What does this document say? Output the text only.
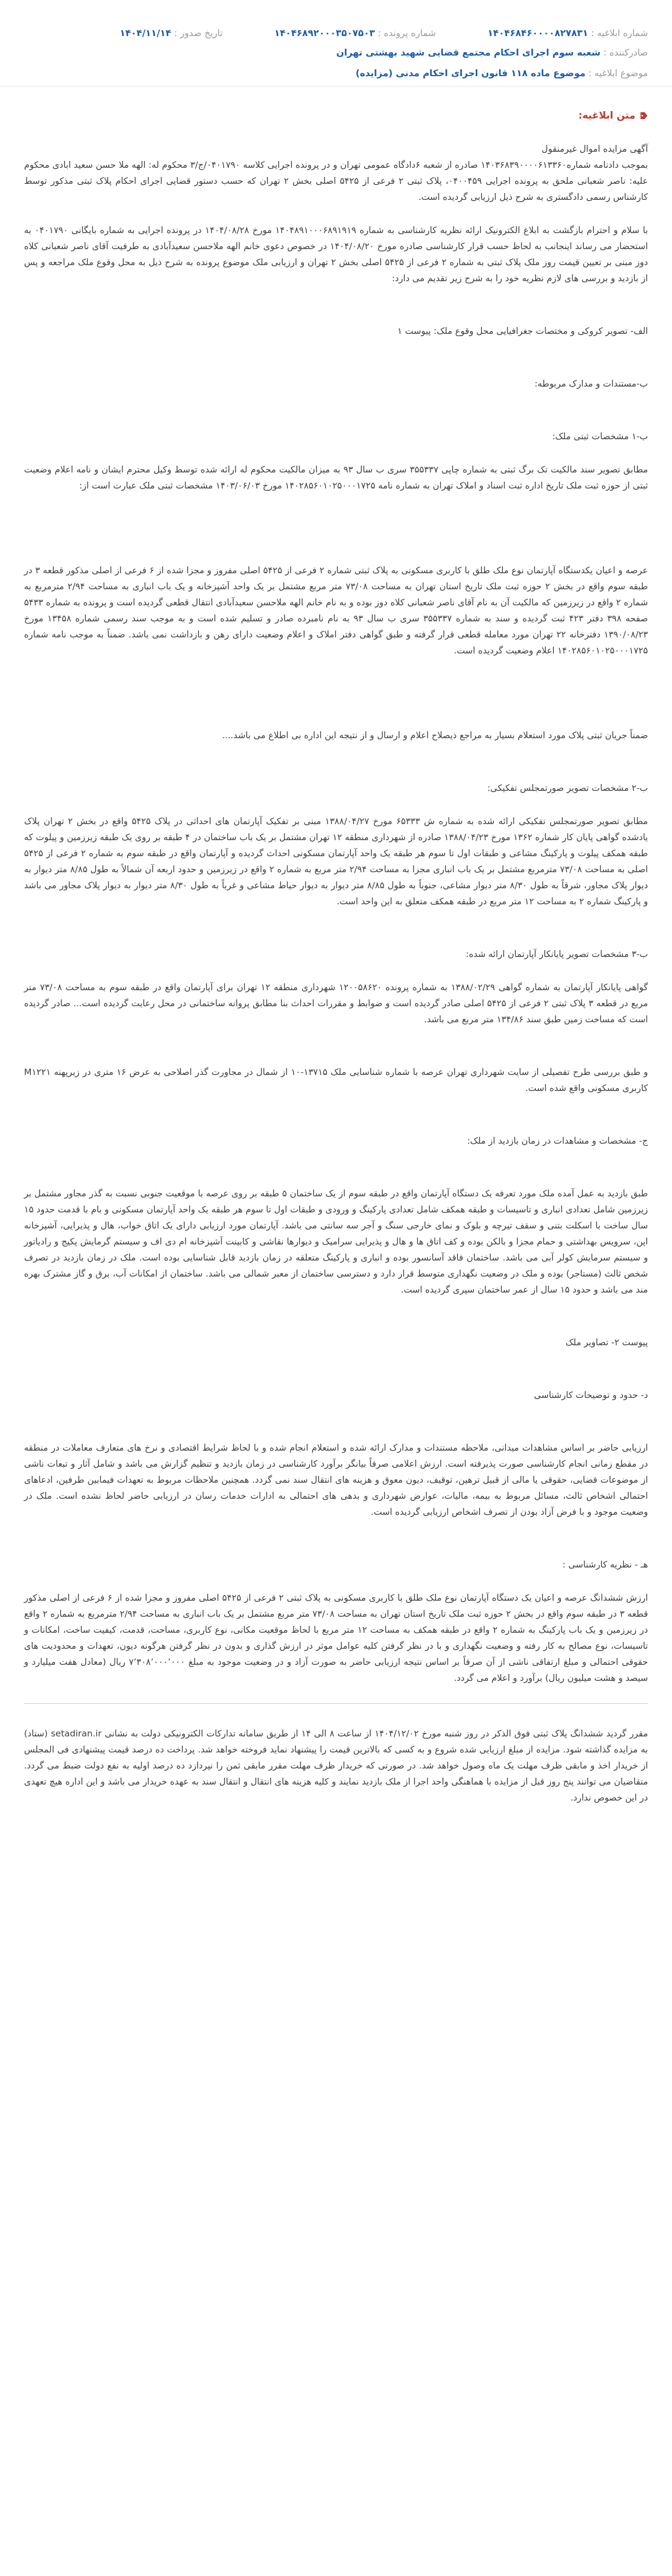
شماره ابلاغیه : ۱۴۰۴۶۸۴۶۰۰۰۰۸۲۷۸۳۱  شماره پرونده : ۱۴۰۴۶۸۹۲۰۰۰۳۵۰۷۵۰۳  تاریخ صدور : ۱۴۰۴/۱۱/۱۴
صادرکننده : شعبه سوم اجرای احکام مجتمع قضایی شهید بهشتی تهران
موضوع ابلاغیه : موضوع ماده ۱۱۸ قانون اجرای احکام مدنی (مزایده)
متن ابلاغیه:

آگهی مزایده اموال غیرمنقول

بموجب دادنامه شماره۱۴۰۳۶۸۳۹۰۰۰۰۶۱۳۳۶۰ صادره از شعبه ۶دادگاه عمومی تهران و در پرونده اجرایی کلاسه ۰۴۰۱۷۹۰/ج/۳ محکوم له: الهه ملا حسن سعید ابادی محکوم علیه: ناصر شعبانی ملحق به پرونده اجرایی ۰۴۰۰۴۵۹، پلاک ثبتی ۲ فرعی از ۵۴۲۵ اصلی بخش ۲ تهران که حسب دستور قضایی اجرای احکام پلاک ثبتی مذکور توسط کارشناس رسمی دادگستری به شرح ذیل ارزیابی گردیده است.

با سلام و احترام بازگشت به ابلاغ الکترونیک ارائه نظریه کارشناسی به شماره ۱۴۰۴۸۹۱۰۰۰۶۸۹۱۹۱۹ مورخ ۱۴۰۴/۰۸/۲۸ در پرونده اجرایی به شماره بایگانی ۰۴۰۱۷۹۰ به استحضار می رساند اینجانب به لحاظ حسب قرار کارشناسی صادره مورخ ۱۴۰۴/۰۸/۲۰ در خصوص دعوی خانم الهه ملاحسن سعیدآبادی به طرفیت آقای ناصر شعبانی کلاه دوز مبنی بر تعیین قیمت روز ملک پلاک ثبتی به شماره ۲ فرعی از ۵۴۲۵ اصلی بخش ۲ تهران و ارزیابی ملک موضوع پرونده به شرح ذیل به محل وقوع ملک مراجعه و پس از بازدید و بررسی های لازم نظریه خود را به شرح زیر تقدیم می دارد:

الف- تصویر کروکی و مختصات جغرافیایی محل وقوع ملک: پیوست ۱

ب-مستندات و مدارک مربوطه:

ب-۱ مشخصات ثبتی ملک:

مطابق تصویر سند مالکیت تک برگ ثبتی به شماره چاپی ۳۵۵۳۳۷ سری ب سال ۹۳ به میزان مالکیت محکوم له ارائه شده توسط وکیل محترم ایشان و نامه اعلام وضعیت ثبتی از حوزه ثبت ملک تاریخ اداره ثبت اسناد و املاک تهران به شماره نامه ۱۴۰۲۸۵۶۰۱۰۲۵۰۰۰۱۷۲۵ مورخ ۱۴۰۳/۰۶/۰۳ مشخصات ثبتی ملک عبارت است از:

عرصه و اعیان یکدستگاه آپارتمان نوع ملک طلق با کاربری مسکونی به پلاک ثبتی شماره ۲ فرعی از ۵۴۲۵ اصلی مفروز و مجزا شده از ۶ فرعی از اصلی مذکور قطعه ۳ در طبقه سوم واقع در بخش ۲ حوزه ثبت ملک تاریخ استان تهران به مساحت ۷۳/۰۸ متر مربع مشتمل بر یک واحد آشپزخانه و یک باب انباری به مساحت ۲/۹۴ مترمربع به شماره ۲ واقع در زیرزمین که مالکیت آن به نام آقای ناصر شعبانی کلاه دوز بوده و به نام خانم الهه ملاحسن سعیدآبادی انتقال قطعی گردیده است و پرونده به شماره ۵۴۳۳ صفحه ۳۹۸ دفتر ۴۲۳ ثبت گردیده و سند به شماره ۳۵۵۳۳۷ سری ب سال ۹۳ به نام نامبرده صادر و تسلیم شده است و به موجب سند رسمی شماره ۱۳۴۵۸ مورخ ۱۳۹۰/۰۸/۲۳ دفترخانه ۲۲ تهران مورد معامله قطعی قرار گرفته و طبق گواهی دفتر املاک و اعلام وضعیت دارای رهن و بازداشت نمی باشد. ضمناً به موجب نامه شماره ۱۴۰۲۸۵۶۰۱۰۲۵۰۰۰۱۷۲۵ اعلام وضعیت گردیده است.

ضمناً جریان ثبتی پلاک مورد استعلام بسیار به مراجع ذیصلاح اعلام و ارسال و از نتیجه این اداره بی اطلاع می باشد....

ب-۲ مشخصات تصویر صورتمجلس تفکیکی:

مطابق تصویر صورتمجلس تفکیکی ارائه شده به شماره ش ۶۵۳۳۳ مورخ ۱۳۸۸/۰۴/۲۷ مبنی بر تفکیک آپارتمان های احداثی در پلاک ۵۴۲۵ واقع در بخش ۲ تهران پلاک یادشده گواهی پایان کار شماره ۱۳۶۲ مورخ ۱۳۸۸/۰۴/۲۳ صادره از شهرداری منطقه ۱۲ تهران مشتمل بر یک باب ساختمان در ۴ طبقه بر روی یک طبقه زیرزمین و پیلوت که طبقه همکف پیلوت و پارکینگ مشاعی و طبقات اول تا سوم هر طبقه یک واحد آپارتمان مسکونی احداث گردیده و آپارتمان واقع در طبقه سوم به شماره ۲ فرعی از ۵۴۲۵ اصلی به مساحت ۷۳/۰۸ مترمربع مشتمل بر یک باب انباری مجزا به مساحت ۲/۹۴ متر مربع به شماره ۲ واقع در زیرزمین و حدود اربعه آن شمالاً به طول ۸/۸۵ متر دیوار به دیوار پلاک مجاور، شرقاً به طول ۸/۳۰ متر دیوار مشاعی، جنوباً به طول ۸/۸۵ متر دیوار به دیوار حیاط مشاعی و غرباً به طول ۸/۳۰ متر دیوار به دیوار پلاک مجاور می باشد و پارکینگ شماره ۲ به مساحت ۱۲ متر مربع در طبقه همکف متعلق به این واحد است.

ب-۳ مشخصات تصویر پایانکار آپارتمان ارائه شده:

گواهی پایانکار آپارتمان به شماره گواهی ۱۳۸۸/۰۲/۲۹ به شماره پرونده ۱۲۰۰۵۸۶۲۰ شهرداری منطقه ۱۲ تهران برای آپارتمان واقع در طبقه سوم به مساحت ۷۳/۰۸ متر مربع در قطعه ۳ پلاک ثبتی ۲ فرعی از ۵۴۲۵ اصلی صادر گردیده است و ضوابط و مقررات احداث بنا مطابق پروانه ساختمانی در محل رعایت گردیده است... صادر گردیده است که مساحت زمین طبق سند ۱۳۴/۸۶ متر مربع می باشد.

و طبق بررسی طرح تفصیلی از سایت شهرداری تهران عرصه با شماره شناسایی ملک ۱۳۷۱۵-۱۰ از شمال در مجاورت گذر اصلاحی به عرض ۱۶ متری در زیرپهنه M۱۲۲۱ کاربری مسکونی واقع شده است.

ج- مشخصات و مشاهدات در زمان بازدید از ملک:

طبق بازدید به عمل آمده ملک مورد تعرفه یک دستگاه آپارتمان واقع در طبقه سوم از یک ساختمان ۵ طبقه بر روی عرصه با موقعیت جنوبی نسبت به گذر مجاور مشتمل بر زیرزمین شامل تعدادی انباری و تاسیسات و طبقه همکف شامل تعدادی پارکینگ و ورودی و طبقات اول تا سوم هر طبقه یک واحد آپارتمان مسکونی و بام با قدمت حدود ۱۵ سال ساخت با اسکلت بتنی و سقف تیرچه و بلوک و نمای خارجی سنگ و آجر سه سانتی می باشد. آپارتمان مورد ارزیابی دارای یک اتاق خواب، هال و پذیرایی، آشپزخانه اپن، سرویس بهداشتی و حمام مجزا و بالکن بوده و کف اتاق ها و هال و پذیرایی سرامیک و دیوارها نقاشی و کابینت آشپزخانه ام دی اف و سیستم گرمایش پکیج و رادیاتور و سیستم سرمایش کولر آبی می باشد. ساختمان فاقد آسانسور بوده و انباری و پارکینگ متعلقه در زمان بازدید قابل شناسایی بوده است. ملک در زمان بازدید در تصرف شخص ثالث (مستاجر) بوده و ملک در وضعیت نگهداری متوسط قرار دارد و دسترسی ساختمان از معبر شمالی می باشد. ساختمان از امکانات آب، برق و گاز مشترک بهره مند می باشد و حدود ۱۵ سال از عمر ساختمان سپری گردیده است.

پیوست ۲- تصاویر ملک

د- حدود و توضیحات کارشناسی

ارزیابی حاضر بر اساس مشاهدات میدانی، ملاحظه مستندات و مدارک ارائه شده و استعلام انجام شده و با لحاظ شرایط اقتصادی و نرخ های متعارف معاملات در منطقه در مقطع زمانی انجام کارشناسی صورت پذیرفته است. ارزش اعلامی صرفاً بیانگر برآورد کارشناسی در زمان بازدید و تنظیم گزارش می باشد و شامل آثار و تبعات ناشی از موضوعات قضایی، حقوقی یا مالی از قبیل ترهین، توقیف، دیون معوق و هزینه های انتقال سند نمی گردد. همچنین ملاحظات مربوط به تعهدات فیمابین طرفین، ادعاهای احتمالی اشخاص ثالث، مسائل مربوط به بیمه، مالیات، عوارض شهرداری و بدهی های احتمالی به ادارات خدمات رسان در ارزیابی حاضر لحاظ نشده است. ملک در وضعیت موجود و با فرض آزاد بودن از تصرف اشخاص ارزیابی گردیده است.

هـ - نظریه کارشناسی :

ارزش ششدانگ عرصه و اعیان یک دستگاه آپارتمان نوع ملک طلق با کاربری مسکونی به پلاک ثبتی ۲ فرعی از ۵۴۲۵ اصلی مفروز و مجزا شده از ۶ فرعی از اصلی مذکور قطعه ۳ در طبقه سوم واقع در بخش ۲ حوزه ثبت ملک تاریخ استان تهران به مساحت ۷۳/۰۸ متر مربع مشتمل بر یک باب انباری به مساحت ۲/۹۴ مترمربع به شماره ۲ واقع در زیرزمین و یک باب پارکینگ به شماره ۲ واقع در طبقه همکف به مساحت ۱۲ متر مربع با لحاظ موقعیت مکانی، نوع کاربری، مساحت، قدمت، کیفیت ساخت، امکانات و تاسیسات، نوع مصالح به کار رفته و وضعیت نگهداری و با در نظر گرفتن کلیه عوامل موثر در ارزش گذاری و بدون در نظر گرفتن هرگونه دیون، تعهدات و محدودیت های حقوقی احتمالی و مبلغ ارتفاقی ناشی از آن صرفاً بر اساس نتیجه ارزیابی حاضر به صورت آزاد و در وضعیت موجود به مبلغ ۷٬۳۰۸٬۰۰۰٬۰۰۰ ریال (معادل هفت میلیارد و سیصد و هشت میلیون ریال) برآورد و اعلام می گردد.

مقرر گردید ششدانگ پلاک ثبتی فوق الذکر در روز شنبه مورخ ۱۴۰۴/۱۲/۰۲ از ساعت ۸ الی ۱۴ از طریق سامانه تدارکات الکترونیکی دولت به نشانی setadiran.ir (ستاد) به مزایده گذاشته شود. مزایده از مبلغ ارزیابی شده شروع و به کسی که بالاترین قیمت را پیشنهاد نماید فروخته خواهد شد. پرداخت ده درصد قیمت پیشنهادی فی المجلس از خریدار اخذ و مابقی ظرف مهلت یک ماه وصول خواهد شد. در صورتی که خریدار ظرف مهلت مقرر مابقی ثمن را نپردازد ده درصد اولیه به نفع دولت ضبط می گردد. متقاضیان می توانند پنج روز قبل از مزایده با هماهنگی واحد اجرا از ملک بازدید نمایند و کلیه هزینه های انتقال و انتقال سند به عهده خریدار می باشد و این اداره هیچ تعهدی در این خصوص ندارد.
